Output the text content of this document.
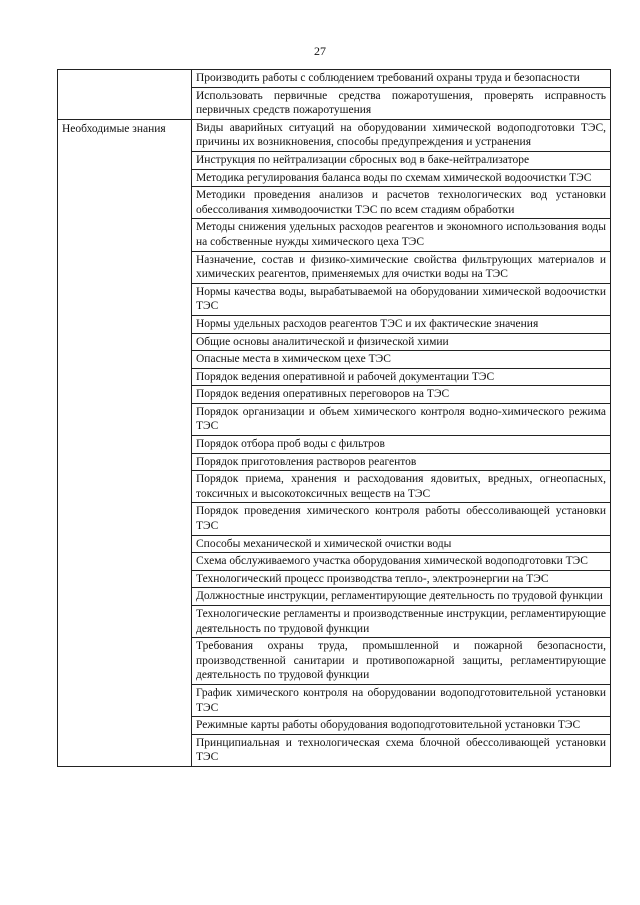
27
	Производить работы с соблюдением требований охраны труда и безопасности
	Использовать первичные средства пожаротушения, проверять исправность первичных средств пожаротушения
Необходимые знания	Виды аварийных ситуаций на оборудовании химической водоподготовки ТЭС, причины их возникновения, способы предупреждения и устранения
	Инструкция по нейтрализации сбросных вод в баке-нейтрализаторе
	Методика регулирования баланса воды по схемам химической водоочистки ТЭС
	Методики проведения анализов и расчетов технологических вод установки обессоливания химводоочистки ТЭС по всем стадиям обработки
	Методы снижения удельных расходов реагентов и экономного использования воды на собственные нужды химического цеха ТЭС
	Назначение, состав и физико-химические свойства фильтрующих материалов и химических реагентов, применяемых для очистки воды на ТЭС
	Нормы качества воды, вырабатываемой на оборудовании химической водоочистки ТЭС
	Нормы удельных расходов реагентов ТЭС и их фактические значения
	Общие основы аналитической и физической химии
	Опасные места в химическом цехе ТЭС
	Порядок ведения оперативной и рабочей документации ТЭС
	Порядок ведения оперативных переговоров на ТЭС
	Порядок организации и объем химического контроля водно-химического режима ТЭС
	Порядок отбора проб воды с фильтров
	Порядок приготовления растворов реагентов
	Порядок приема, хранения и расходования ядовитых, вредных, огнеопасных, токсичных и высокотоксичных веществ на ТЭС
	Порядок проведения химического контроля работы обессоливающей установки ТЭС
	Способы механической и химической очистки воды
	Схема обслуживаемого участка оборудования химической водоподготовки ТЭС
	Технологический процесс производства тепло-, электроэнергии на ТЭС
	Должностные инструкции, регламентирующие деятельность по трудовой функции
	Технологические регламенты и производственные инструкции, регламентирующие деятельность по трудовой функции
	Требования охраны труда, промышленной и пожарной безопасности, производственной санитарии и противопожарной защиты, регламентирующие деятельность по трудовой функции
	График химического контроля на оборудовании водоподготовительной установки ТЭС
	Режимные карты работы оборудования водоподготовительной установки ТЭС
	Принципиальная и технологическая схема блочной обессоливающей установки ТЭС
